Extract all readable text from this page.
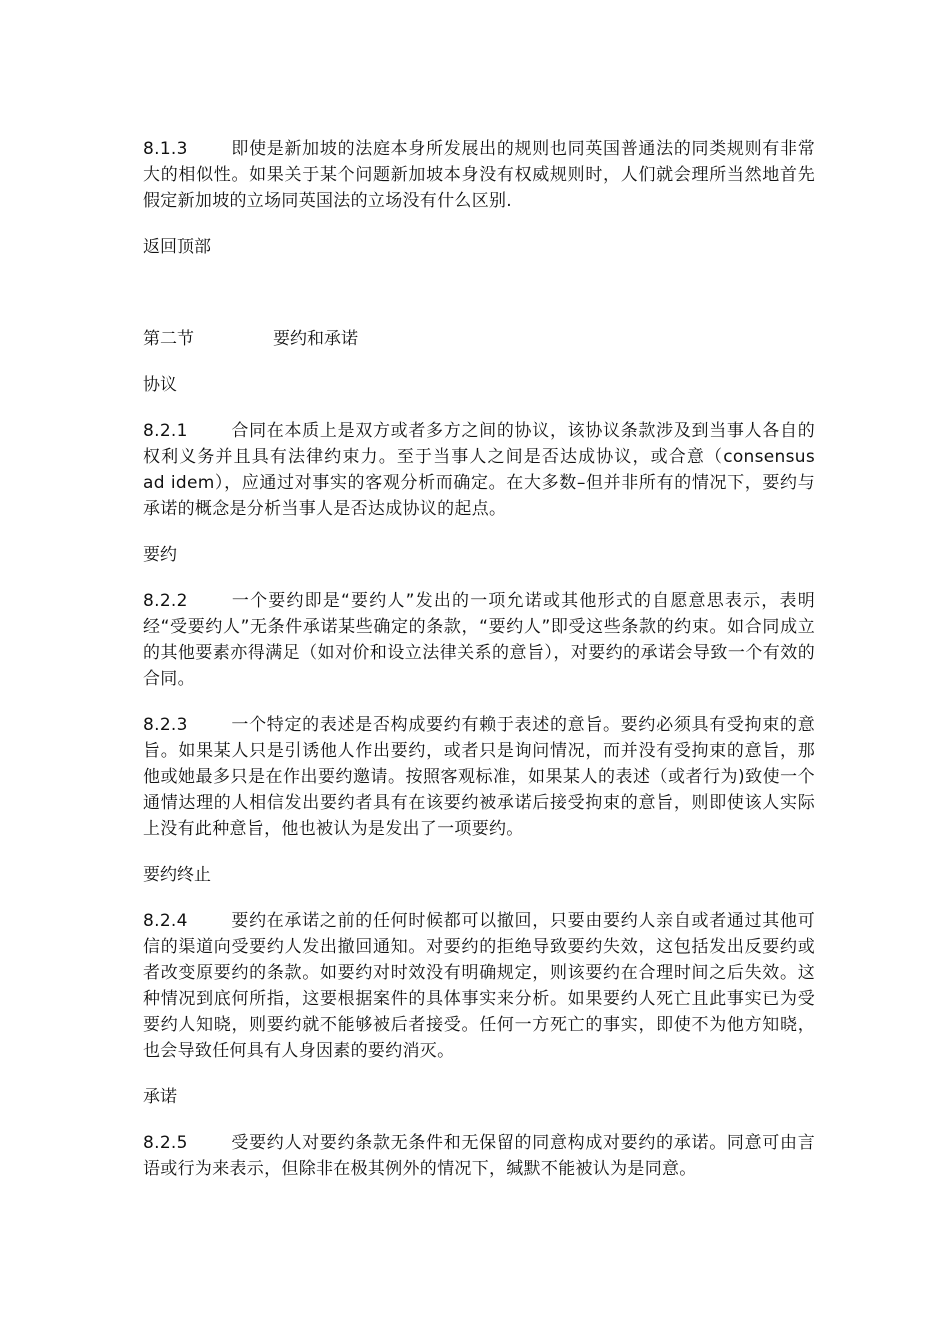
8.1.3	即使是新加坡的法庭本身所发展出的规则也同英国普通法的同类规则有非常大的相似性。如果关于某个问题新加坡本身没有权威规则时，人们就会理所当然地首先假定新加坡的立场同英国法的立场没有什么区别.

返回顶部
第二节	要约和承诺
协议

8.2.1	合同在本质上是双方或者多方之间的协议，该协议条款涉及到当事人各自的权利义务并且具有法律约束力。至于当事人之间是否达成协议，或合意（consensus ad idem），应通过对事实的客观分析而确定。在大多数–但并非所有的情况下，要约与承诺的概念是分析当事人是否达成协议的起点。

要约

8.2.2	一个要约即是“要约人”发出的一项允诺或其他形式的自愿意思表示，表明经“受要约人”无条件承诺某些确定的条款，“要约人”即受这些条款的约束。如合同成立的其他要素亦得满足（如对价和设立法律关系的意旨），对要约的承诺会导致一个有效的合同。

8.2.3	一个特定的表述是否构成要约有赖于表述的意旨。要约必须具有受拘束的意旨。如果某人只是引诱他人作出要约，或者只是询问情况，而并没有受拘束的意旨，那他或她最多只是在作出要约邀请。按照客观标准，如果某人的表述（或者行为)致使一个通情达理的人相信发出要约者具有在该要约被承诺后接受拘束的意旨，则即使该人实际上没有此种意旨，他也被认为是发出了一项要约。

要约终止

8.2.4	要约在承诺之前的任何时候都可以撤回，只要由要约人亲自或者通过其他可信的渠道向受要约人发出撤回通知。对要约的拒绝导致要约失效，这包括发出反要约或者改变原要约的条款。如要约对时效没有明确规定，则该要约在合理时间之后失效。这种情况到底何所指，这要根据案件的具体事实来分析。如果要约人死亡且此事实已为受要约人知晓，则要约就不能够被后者接受。任何一方死亡的事实，即使不为他方知晓，也会导致任何具有人身因素的要约消灭。

承诺

8.2.5	受要约人对要约条款无条件和无保留的同意构成对要约的承诺。同意可由言语或行为来表示，但除非在极其例外的情况下，缄默不能被认为是同意。
